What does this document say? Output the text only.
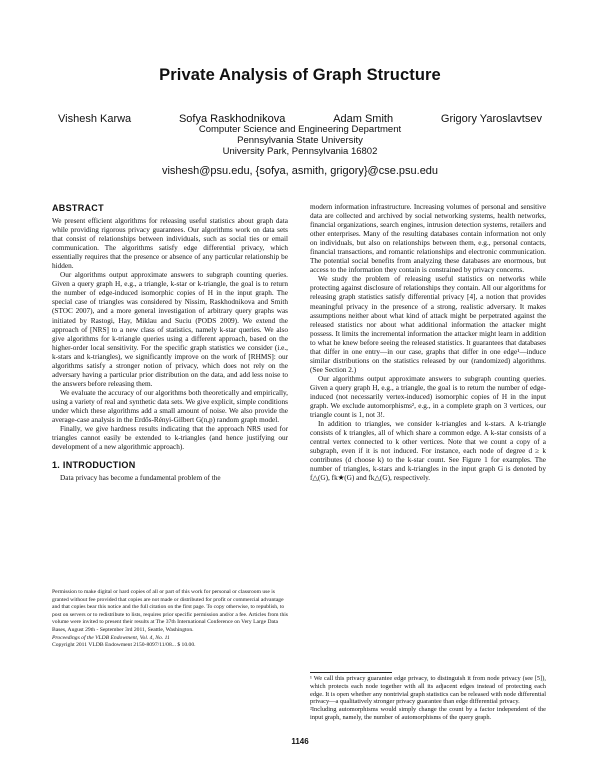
Private Analysis of Graph Structure
Vishesh Karwa	Sofya Raskhodnikova	Adam Smith	Grigory Yaroslavtsev
Computer Science and Engineering Department
Pennsylvania State University
University Park, Pennsylvania 16802
vishesh@psu.edu, {sofya, asmith, grigory}@cse.psu.edu
ABSTRACT

We present efficient algorithms for releasing useful statistics about graph data while providing rigorous privacy guarantees. Our algorithms work on data sets that consist of relationships between individuals, such as social ties or email communication. The algorithms satisfy edge differential privacy, which essentially requires that the presence or absence of any particular relationship be hidden.

Our algorithms output approximate answers to subgraph counting queries. Given a query graph H, e.g., a triangle, k-star or k-triangle, the goal is to return the number of edge-induced isomorphic copies of H in the input graph. The special case of triangles was considered by Nissim, Raskhodnikova and Smith (STOC 2007), and a more general investigation of arbitrary query graphs was initiated by Rastogi, Hay, Miklau and Suciu (PODS 2009). We extend the approach of [NRS] to a new class of statistics, namely k-star queries. We also give algorithms for k-triangle queries using a different approach, based on the higher-order local sensitivity. For the specific graph statistics we consider (i.e., k-stars and k-triangles), we significantly improve on the work of [RHMS]: our algorithms satisfy a stronger notion of privacy, which does not rely on the adversary having a particular prior distribution on the data, and add less noise to the answers before releasing them.

We evaluate the accuracy of our algorithms both theoretically and empirically, using a variety of real and synthetic data sets. We give explicit, simple conditions under which these algorithms add a small amount of noise. We also provide the average-case analysis in the Erdős-Rényi-Gilbert G(n,p) random graph model.

Finally, we give hardness results indicating that the approach NRS used for triangles cannot easily be extended to k-triangles (and hence justifying our development of a new algorithmic approach).

1. INTRODUCTION

Data privacy has become a fundamental problem of the

Permission to make digital or hard copies of all or part of this work for personal or classroom use is granted without fee provided that copies are not made or distributed for profit or commercial advantage and that copies bear this notice and the full citation on the first page. To copy otherwise, to republish, to post on servers or to redistribute to lists, requires prior specific permission and/or a fee. Articles from this volume were invited to present their results at The 37th International Conference on Very Large Data Bases, August 29th - September 3rd 2011, Seattle, Washington.

Proceedings of the VLDB Endowment, Vol. 4, No. 11

Copyright 2011 VLDB Endowment 2150-8097/11/08... $ 10.00.

modern information infrastructure. Increasing volumes of personal and sensitive data are collected and archived by social networking systems, health networks, financial organizations, search engines, intrusion detection systems, retailers and other enterprises. Many of the resulting databases contain information not only on individuals, but also on relationships between them, e.g., personal contacts, financial transactions, and romantic relationships and electronic communication. The potential social benefits from analyzing these databases are enormous, but access to the information they contain is constrained by privacy concerns.

We study the problem of releasing useful statistics on networks while protecting against disclosure of relationships they contain. All our algorithms for releasing graph statistics satisfy differential privacy [4], a notion that provides meaningful privacy in the presence of a strong, realistic adversary. It makes assumptions neither about what kind of attack might be perpetrated against the released statistics nor about what additional information the attacker might possess. It limits the incremental information the attacker might learn in addition to what he knew before seeing the released statistics. It guarantees that databases that differ in one entry—in our case, graphs that differ in one edge¹—induce similar distributions on the statistics released by our (randomized) algorithms. (See Section 2.)

Our algorithms output approximate answers to subgraph counting queries. Given a query graph H, e.g., a triangle, the goal is to return the number of edge-induced (not necessarily vertex-induced) isomorphic copies of H in the input graph. We exclude automorphisms², e.g., in a complete graph on 3 vertices, our triangle count is 1, not 3!.

In addition to triangles, we consider k-triangles and k-stars. A k-triangle consists of k triangles, all of which share a common edge. A k-star consists of a central vertex connected to k other vertices. Note that we count a copy of a subgraph, even if it is not induced. For instance, each node of degree d ≥ k contributes (d choose k) to the k-star count. See Figure 1 for examples. The number of triangles, k-stars and k-triangles in the input graph G is denoted by f△(G), fk★(G) and fk△(G), respectively.

¹ We call this privacy guarantee edge privacy, to distinguish it from node privacy (see [5]), which protects each node together with all its adjacent edges instead of protecting each edge. It is open whether any nontrivial graph statistics can be released with node differential privacy—a qualitatively stronger privacy guarantee than edge differential privacy.

²Including automorphisms would simply change the count by a factor independent of the input graph, namely, the number of automorphisms of the query graph.

1146
